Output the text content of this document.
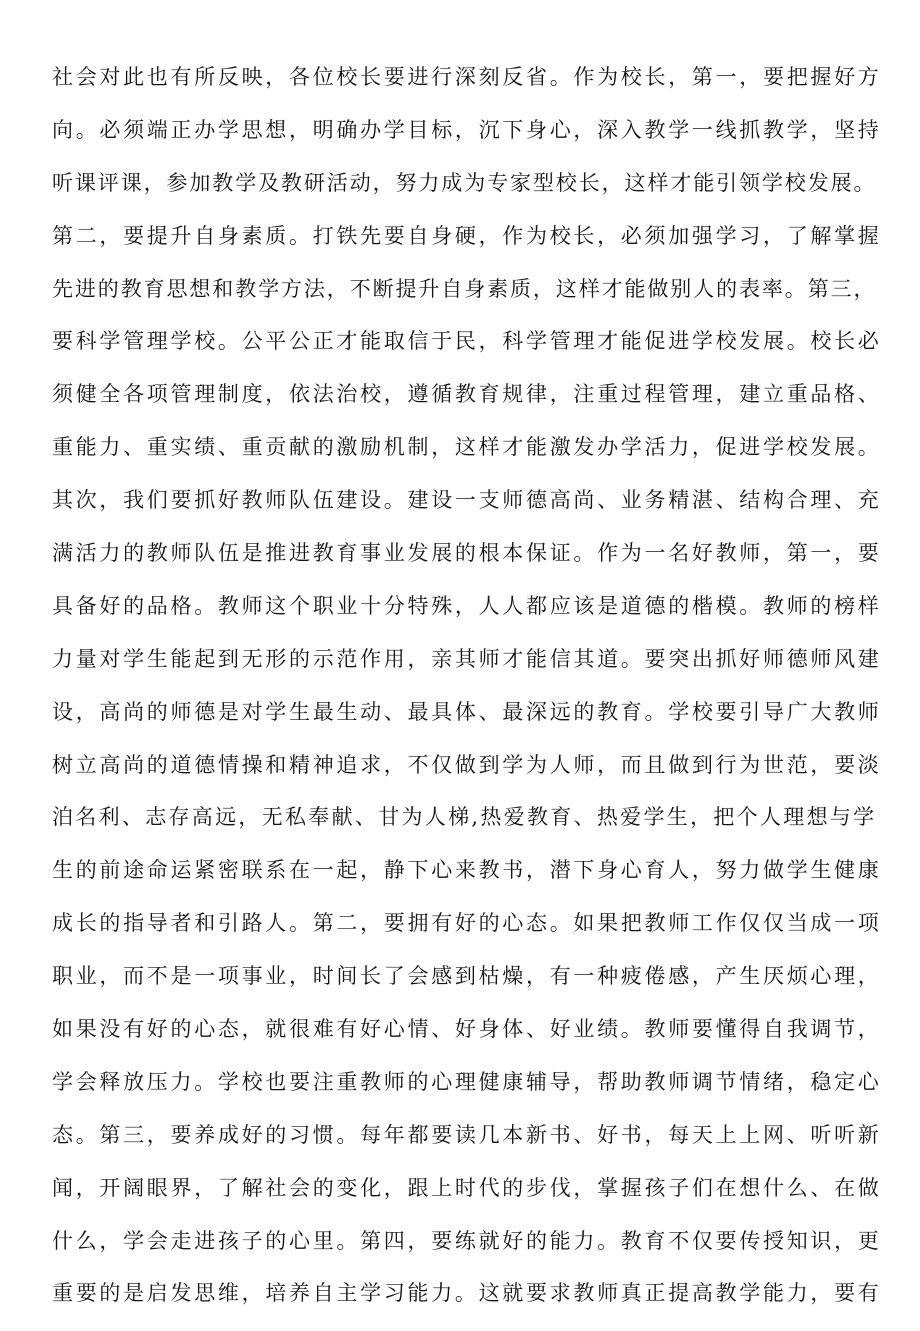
社会对此也有所反映，各位校长要进行深刻反省。作为校长，第一，要把握好方
向。必须端正办学思想，明确办学目标，沉下身心，深入教学一线抓教学，坚持
听课评课，参加教学及教研活动，努力成为专家型校长，这样才能引领学校发展。
第二，要提升自身素质。打铁先要自身硬，作为校长，必须加强学习，了解掌握
先进的教育思想和教学方法，不断提升自身素质，这样才能做别人的表率。第三，
要科学管理学校。公平公正才能取信于民，科学管理才能促进学校发展。校长必
须健全各项管理制度，依法治校，遵循教育规律，注重过程管理，建立重品格、
重能力、重实绩、重贡献的激励机制，这样才能激发办学活力，促进学校发展。
其次，我们要抓好教师队伍建设。建设一支师德高尚、业务精湛、结构合理、充
满活力的教师队伍是推进教育事业发展的根本保证。作为一名好教师，第一，要
具备好的品格。教师这个职业十分特殊，人人都应该是道德的楷模。教师的榜样
力量对学生能起到无形的示范作用，亲其师才能信其道。要突出抓好师德师风建
设，高尚的师德是对学生最生动、最具体、最深远的教育。学校要引导广大教师
树立高尚的道德情操和精神追求，不仅做到学为人师，而且做到行为世范，要淡
泊名利、志存高远，无私奉献、甘为人梯,热爱教育、热爱学生，把个人理想与学
生的前途命运紧密联系在一起，静下心来教书，潜下身心育人，努力做学生健康
成长的指导者和引路人。第二，要拥有好的心态。如果把教师工作仅仅当成一项
职业，而不是一项事业，时间长了会感到枯燥，有一种疲倦感，产生厌烦心理，
如果没有好的心态，就很难有好心情、好身体、好业绩。教师要懂得自我调节，
学会释放压力。学校也要注重教师的心理健康辅导，帮助教师调节情绪，稳定心
态。第三，要养成好的习惯。每年都要读几本新书、好书，每天上上网、听听新
闻，开阔眼界，了解社会的变化，跟上时代的步伐，掌握孩子们在想什么、在做
什么，学会走进孩子的心里。第四，要练就好的能力。教育不仅要传授知识，更
重要的是启发思维，培养自主学习能力。这就要求教师真正提高教学能力，要有
